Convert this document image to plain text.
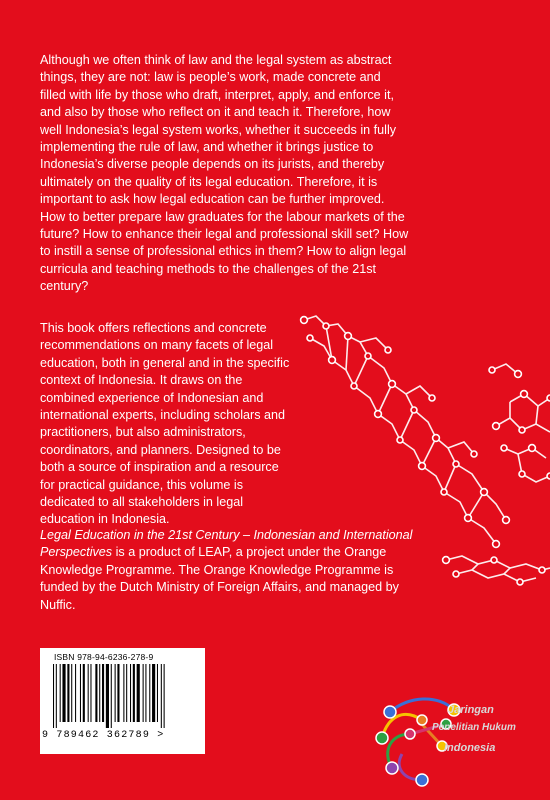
Although we often think of law and the legal system as abstract things, they are not: law is people’s work, made concrete and filled with life by those who draft, interpret, apply, and enforce it, and also by those who reflect on it and teach it. Therefore, how well Indonesia’s legal system works, whether it succeeds in fully implementing the rule of law, and whether it brings justice to Indonesia’s diverse people depends on its jurists, and thereby ultimately on the quality of its legal education. Therefore, it is important to ask how legal education can be further improved. How to better prepare law graduates for the labour markets of the future? How to enhance their legal and professional skill set? How to instill a sense of professional ethics in them? How to align legal curricula and teaching methods to the challenges of the 21st century?
This book offers reflections and concrete recommendations on many facets of legal education, both in general and in the specific context of Indonesia. It draws on the combined experience of Indonesian and international experts, including scholars and practitioners, but also administrators, coordinators, and planners. Designed to be both a source of inspiration and a resource for practical guidance, this volume is dedicated to all stakeholders in legal education in Indonesia.
Legal Education in the 21st Century – Indonesian and International Perspectives is a product of LEAP, a project under the Orange Knowledge Programme. The Orange Knowledge Programme is funded by the Dutch Ministry of Foreign Affairs, and managed by Nuffic.
ISBN 978-94-6236-278-9
9 789462 362789 >
Jaringan
Penelitian Hukum
Indonesia
